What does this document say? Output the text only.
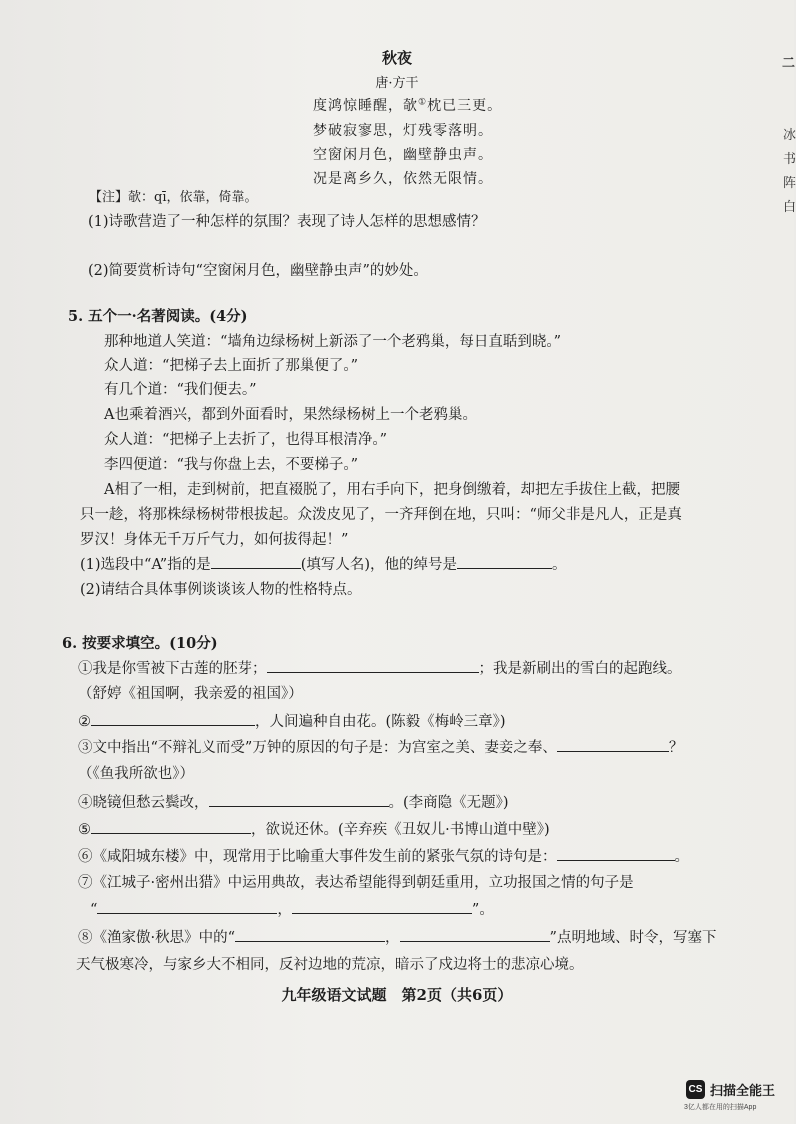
秋夜
唐·方干
度鸿惊睡醒，欹①枕已三更。
梦破寂寥思，灯残零落明。
空窗闲月色，幽壁静虫声。
况是离乡久，依然无限情。
【注】欹：qī，依靠，倚靠。
(1)诗歌营造了一种怎样的氛围？表现了诗人怎样的思想感情？
(2)简要赏析诗句“空窗闲月色，幽壁静虫声”的妙处。
5. 五个一·名著阅读。(4分)
那种地道人笑道：“墙角边绿杨树上新添了一个老鸦巢，每日直聒到晓。”
众人道：“把梯子去上面折了那巢便了。”
有几个道：“我们便去。”
A也乘着酒兴，都到外面看时，果然绿杨树上一个老鸦巢。
众人道：“把梯子上去折了，也得耳根清净。”
李四便道：“我与你盘上去，不要梯子。”
A相了一相，走到树前，把直裰脱了，用右手向下，把身倒缴着，却把左手拔住上截，把腰
只一趁，将那株绿杨树带根拔起。众泼皮见了，一齐拜倒在地，只叫：“师父非是凡人，正是真
罗汉！身体无千万斤气力，如何拔得起！”
(1)选段中“A”指的是	(填写人名)，他的绰号是	。
(2)请结合具体事例谈谈该人物的性格特点。
6. 按要求填空。(10分)
①我是你雪被下古莲的胚芽；	；我是新刷出的雪白的起跑线。
（舒婷《祖国啊，我亲爱的祖国》）
②	，人间遍种自由花。(陈毅《梅岭三章》)
③文中指出“不辩礼义而受”万钟的原因的句子是：为宫室之美、妻妾之奉、	？
（《鱼我所欲也》）
④晓镜但愁云鬓改，	。(李商隐《无题》)
⑤	，欲说还休。(辛弃疾《丑奴儿·书博山道中壁》)
⑥《咸阳城东楼》中，现常用于比喻重大事件发生前的紧张气氛的诗句是：	。
⑦《江城子·密州出猎》中运用典故，表达希望能得到朝廷重用，立功报国之情的句子是
“	，	”。
⑧《渔家傲·秋思》中的“	，	”点明地域、时令，写塞下
天气极寒冷，与家乡大不相同，反衬边地的荒凉，暗示了戍边将士的悲凉心境。
九年级语文试题　第2页（共6页）
二
冰
书
阵
白
CS 扫描全能王
3亿人都在用的扫描App
